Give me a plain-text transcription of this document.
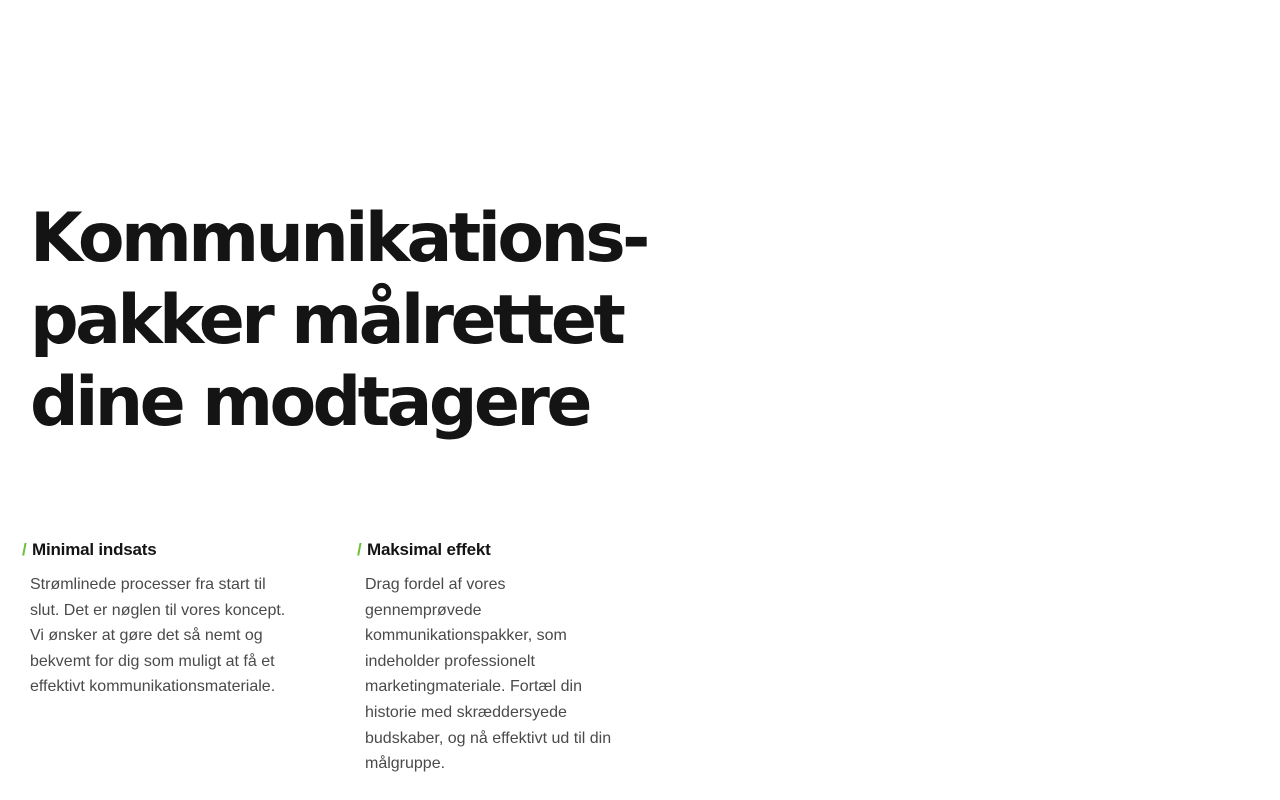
Kommunikations-
pakker målrettet
dine modtagere
/ Minimal indsats

Strømlinede processer fra start til
slut. Det er nøglen til vores koncept.
Vi ønsker at gøre det så nemt og
bekvemt for dig som muligt at få et
effektivt kommunikationsmateriale.

/ Maksimal effekt

Drag fordel af vores
gennemprøvede
kommunikationspakker, som
indeholder professionelt
marketingmateriale. Fortæl din
historie med skræddersyede
budskaber, og nå effektivt ud til din
målgruppe.
